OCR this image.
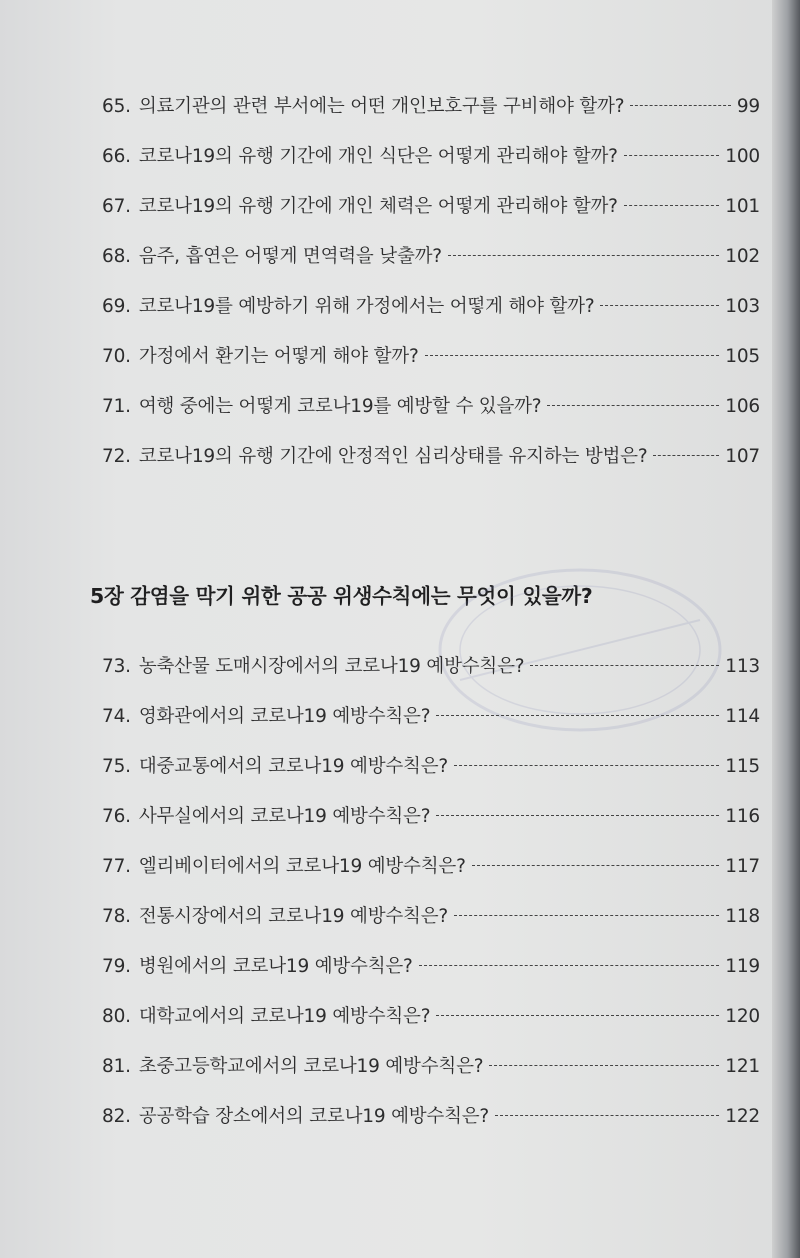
65. 의료기관의 관련 부서에는 어떤 개인보호구를 구비해야 할까?	99
66. 코로나19의 유행 기간에 개인 식단은 어떻게 관리해야 할까?	100
67. 코로나19의 유행 기간에 개인 체력은 어떻게 관리해야 할까?	101
68. 음주, 흡연은 어떻게 면역력을 낮출까?	102
69. 코로나19를 예방하기 위해 가정에서는 어떻게 해야 할까?	103
70. 가정에서 환기는 어떻게 해야 할까?	105
71. 여행 중에는 어떻게 코로나19를 예방할 수 있을까?	106
72. 코로나19의 유행 기간에 안정적인 심리상태를 유지하는 방법은?	107
5장 감염을 막기 위한 공공 위생수칙에는 무엇이 있을까?
73. 농축산물 도매시장에서의 코로나19 예방수칙은?	113
74. 영화관에서의 코로나19 예방수칙은?	114
75. 대중교통에서의 코로나19 예방수칙은?	115
76. 사무실에서의 코로나19 예방수칙은?	116
77. 엘리베이터에서의 코로나19 예방수칙은?	117
78. 전통시장에서의 코로나19 예방수칙은?	118
79. 병원에서의 코로나19 예방수칙은?	119
80. 대학교에서의 코로나19 예방수칙은?	120
81. 초중고등학교에서의 코로나19 예방수칙은?	121
82. 공공학습 장소에서의 코로나19 예방수칙은?	122
